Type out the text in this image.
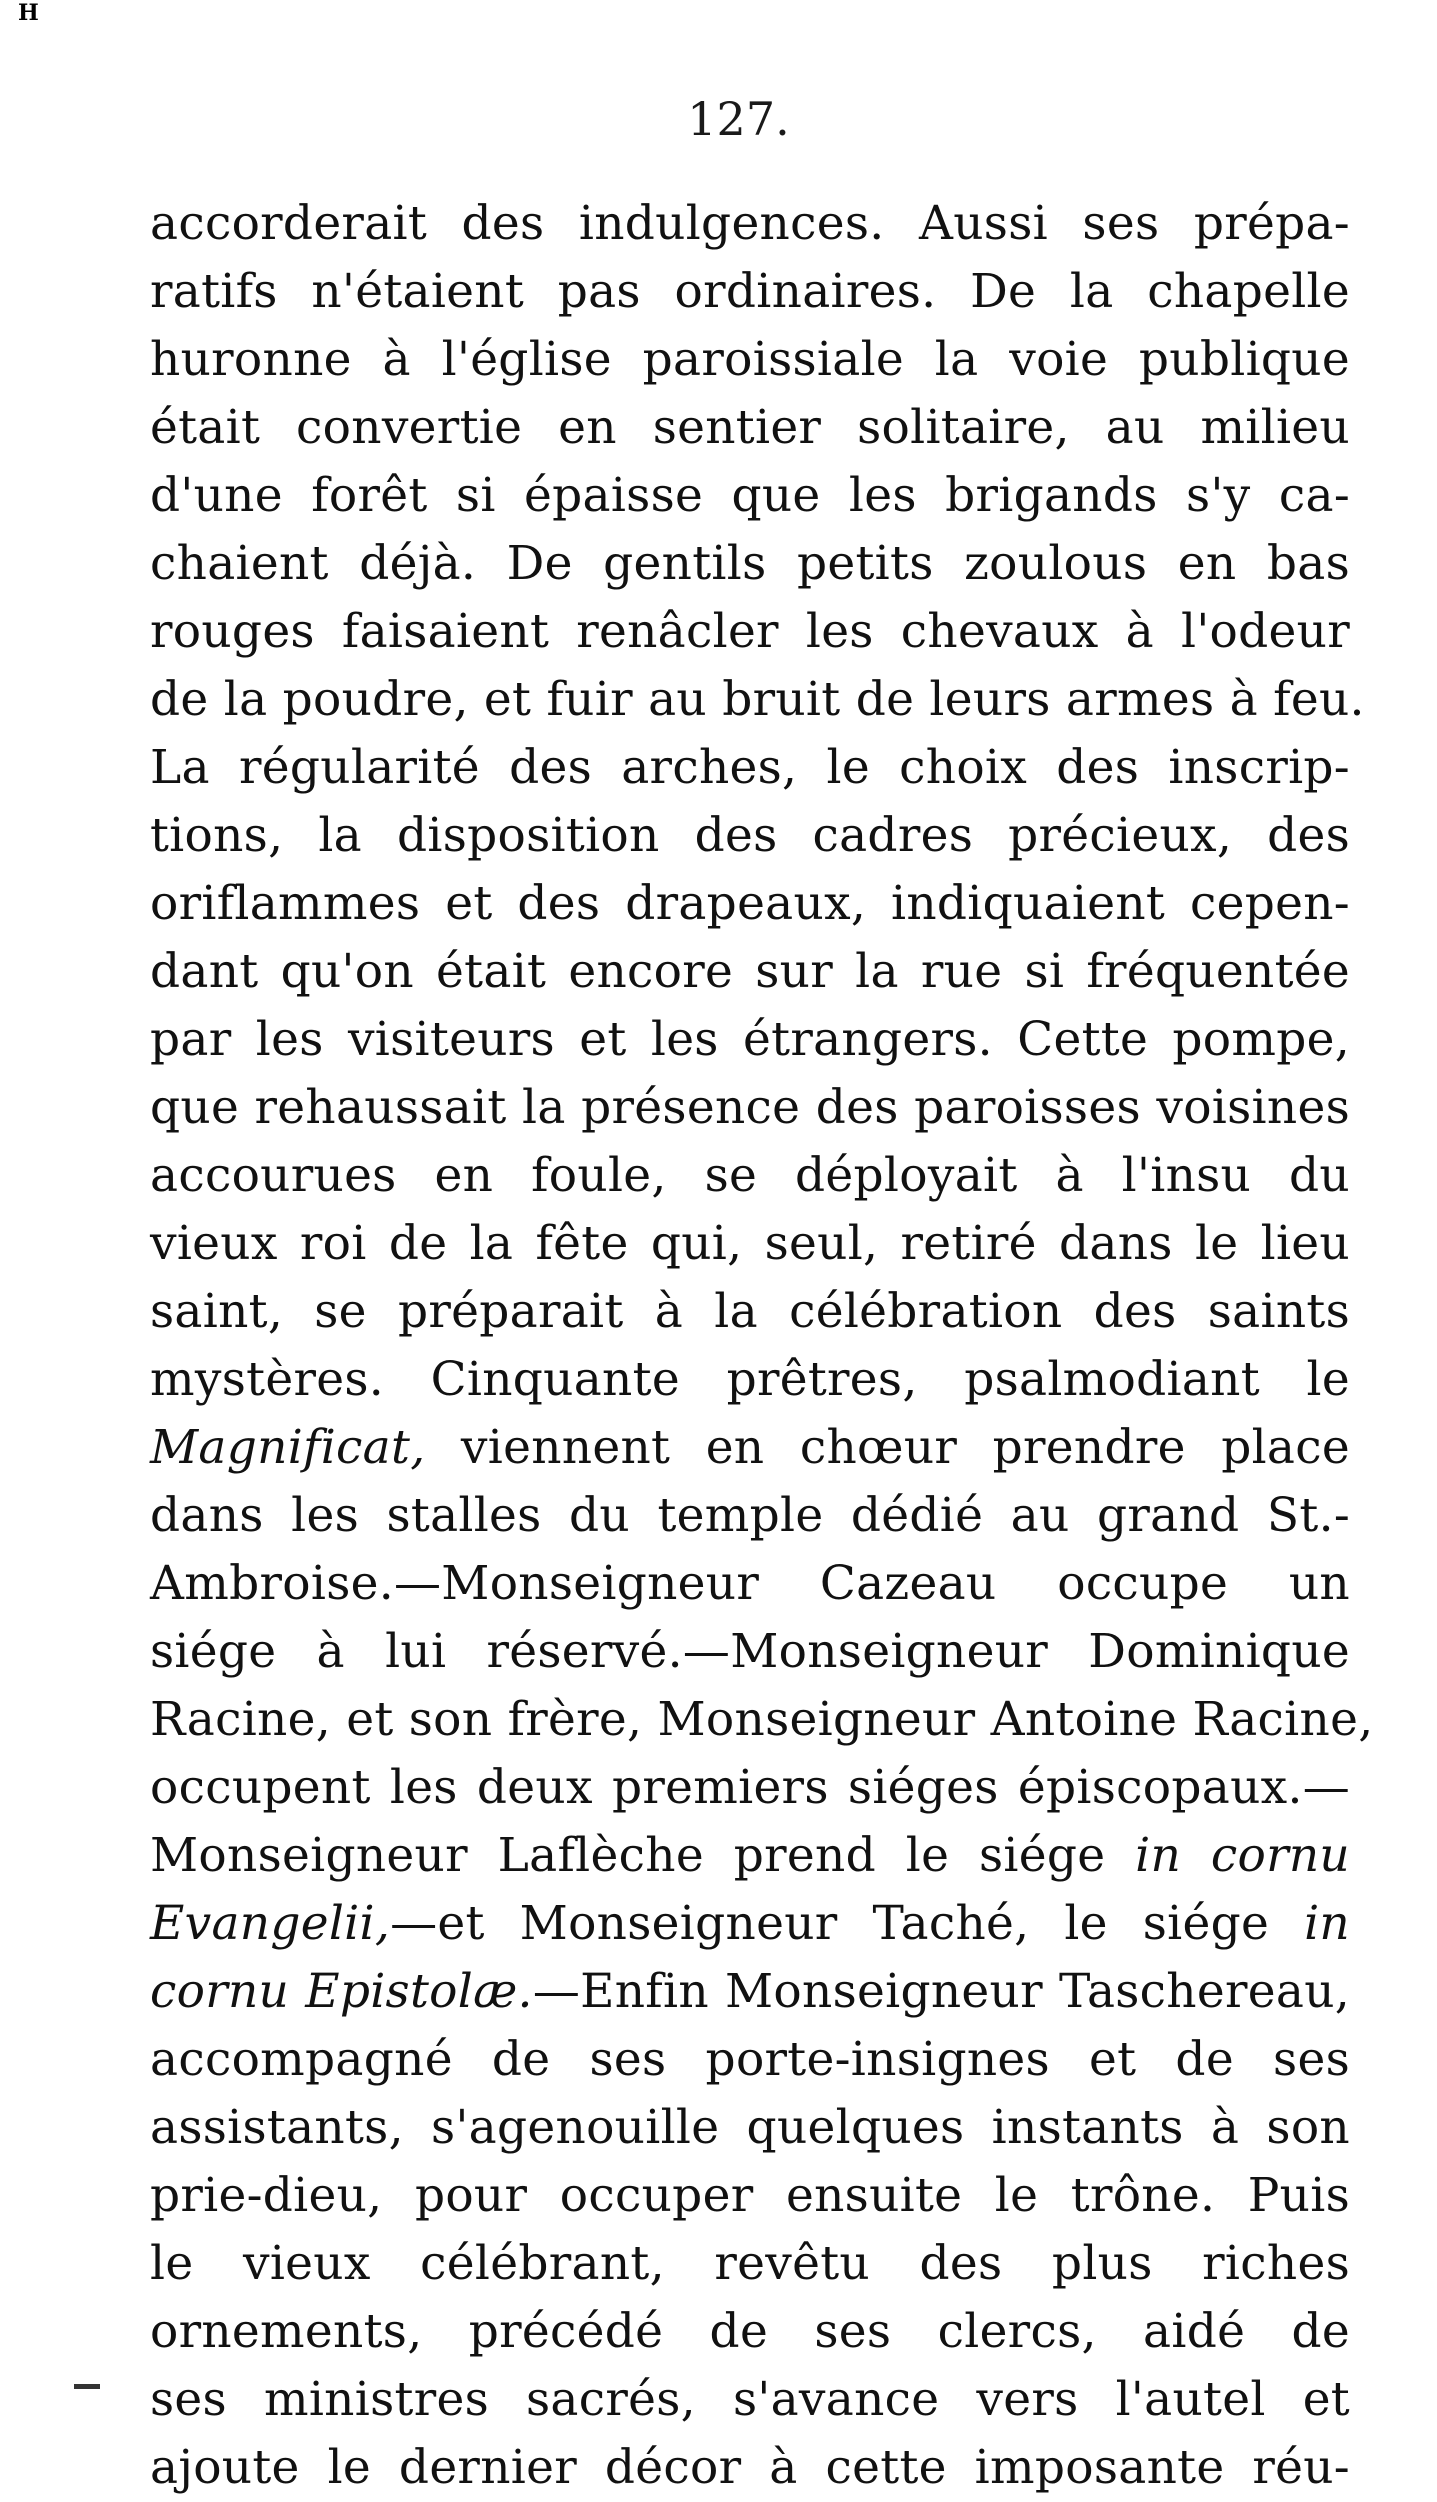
H
127.
accorderait des indulgences. Aussi ses prépa-
ratifs n'étaient pas ordinaires. De la chapelle
huronne à l'église paroissiale la voie publique
était convertie en sentier solitaire, au milieu
d'une forêt si épaisse que les brigands s'y ca-
chaient déjà. De gentils petits zoulous en bas
rouges faisaient renâcler les chevaux à l'odeur
de la poudre, et fuir au bruit de leurs armes à feu.
La régularité des arches, le choix des inscrip-
tions, la disposition des cadres précieux, des
oriflammes et des drapeaux, indiquaient cepen-
dant qu'on était encore sur la rue si fréquentée
par les visiteurs et les étrangers. Cette pompe,
que rehaussait la présence des paroisses voisines
accourues en foule, se déployait à l'insu du
vieux roi de la fête qui, seul, retiré dans le lieu
saint, se préparait à la célébration des saints
mystères. Cinquante prêtres, psalmodiant le
Magnificat, viennent en chœur prendre place
dans les stalles du temple dédié au grand St.-
Ambroise.—Monseigneur Cazeau occupe un
siége à lui réservé.—Monseigneur Dominique
Racine, et son frère, Monseigneur Antoine Racine,
occupent les deux premiers siéges épiscopaux.—
Monseigneur Laflèche prend le siége in cornu
Evangelii,—et Monseigneur Taché, le siége in
cornu Epistolæ.—Enfin Monseigneur Taschereau,
accompagné de ses porte-insignes et de ses
assistants, s'agenouille quelques instants à son
prie-dieu, pour occuper ensuite le trône. Puis
le vieux célébrant, revêtu des plus riches
ornements, précédé de ses clercs, aidé de
ses ministres sacrés, s'avance vers l'autel et
ajoute le dernier décor à cette imposante réu-
